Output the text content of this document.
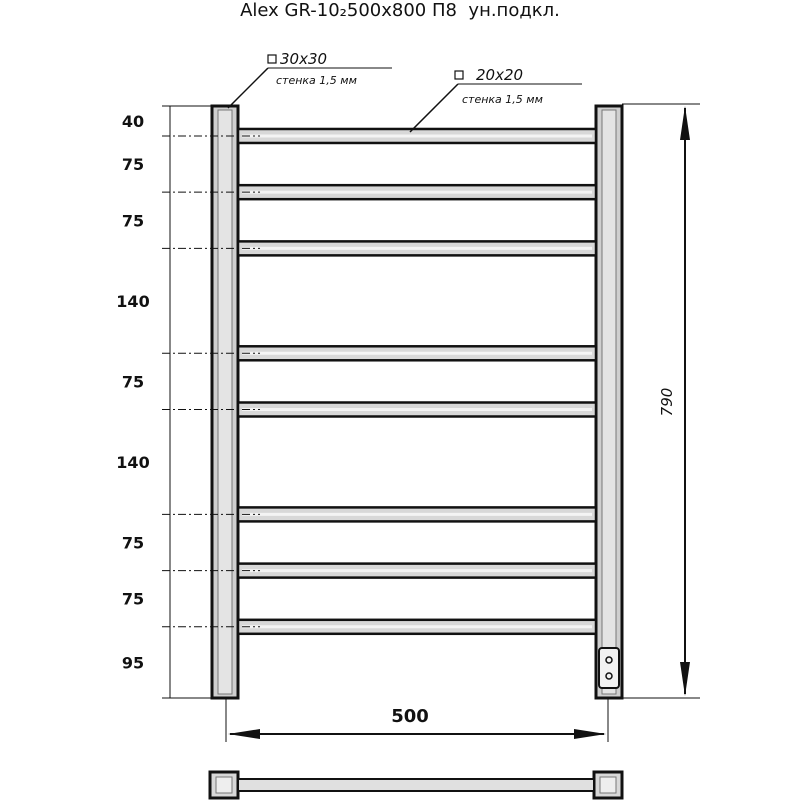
Alex GR-10₂500x800 П8  ун.подкл.
40
75
75
140
75
140
75
75
95
30x30
стенка 1,5 мм	20x20
стенка 1,5 мм
790
500
